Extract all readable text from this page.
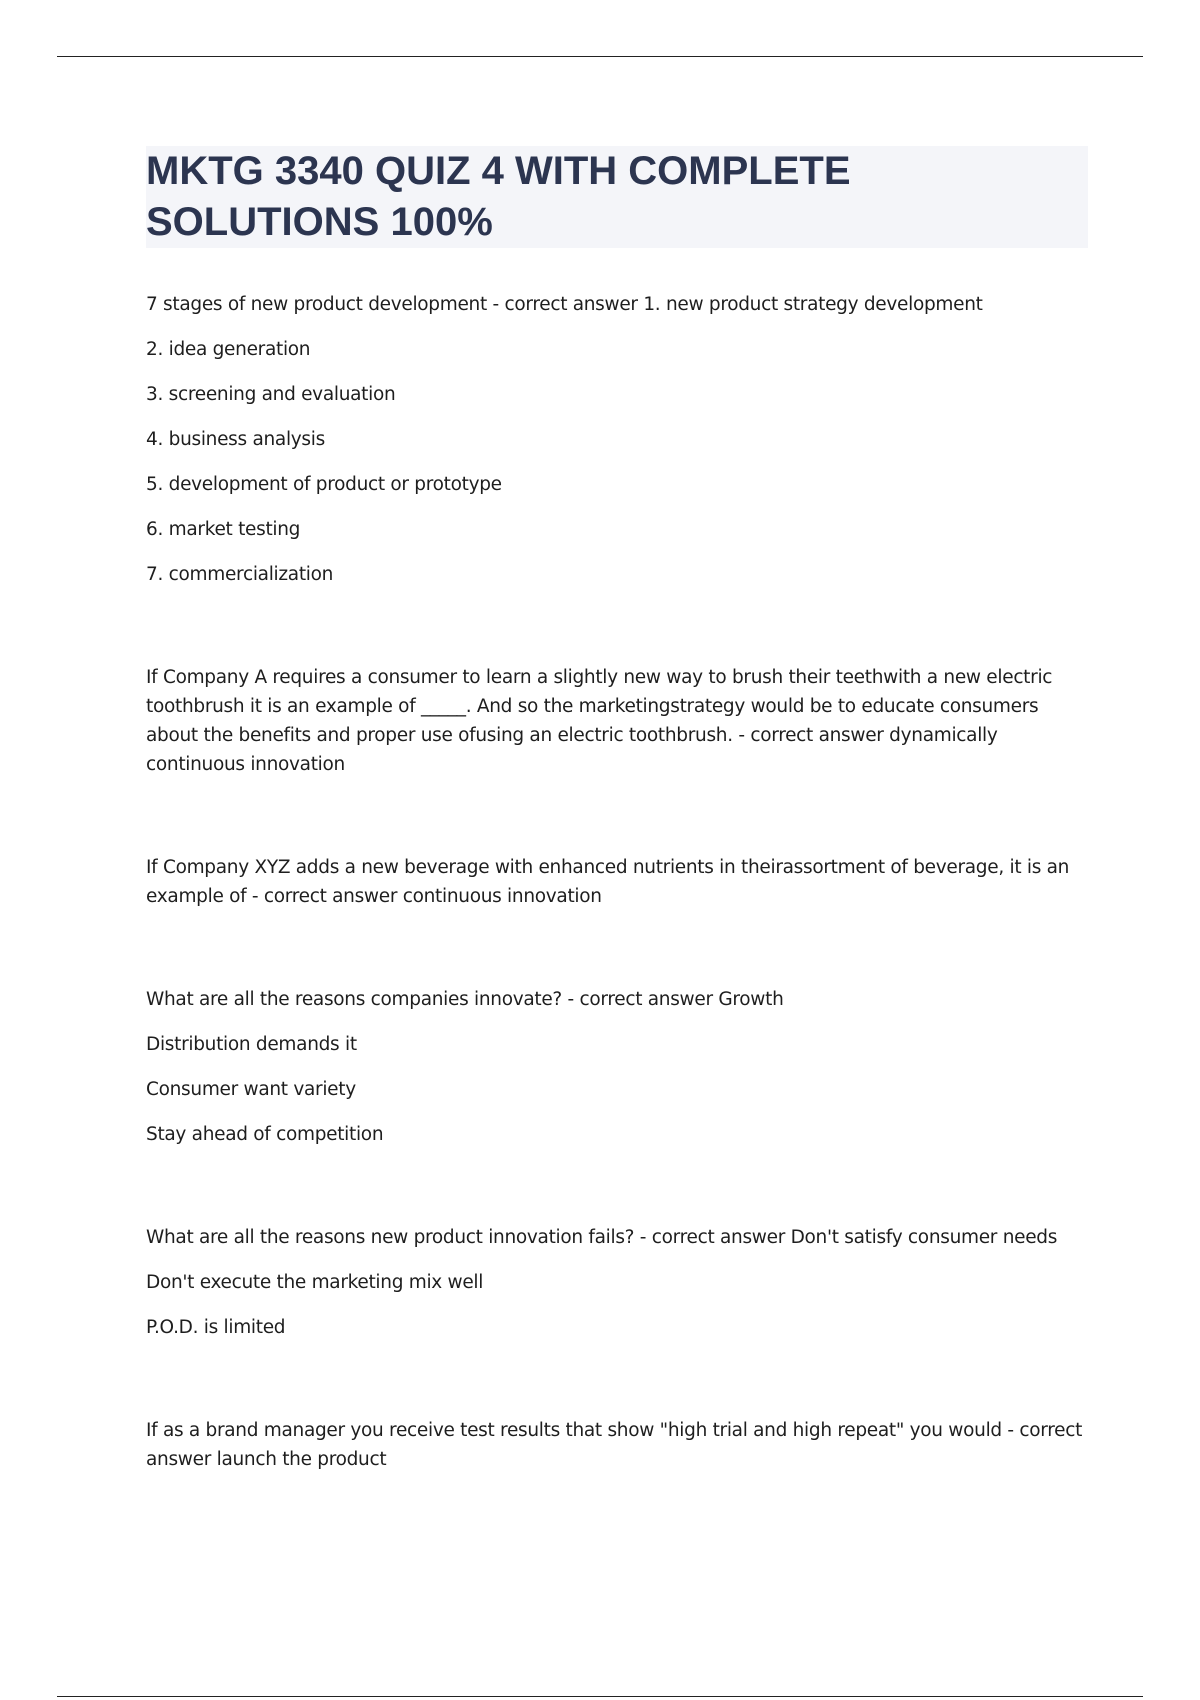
MKTG 3340 QUIZ 4 WITH COMPLETE SOLUTIONS 100%

7 stages of new product development - correct answer 1. new product strategy development

2. idea generation

3. screening and evaluation

4. business analysis

5. development of product or prototype

6. market testing

7. commercialization

If Company A requires a consumer to learn a slightly new way to brush their teethwith a new electric toothbrush it is an example of _____. And so the marketingstrategy would be to educate consumers about the benefits and proper use ofusing an electric toothbrush. - correct answer dynamically continuous innovation

If Company XYZ adds a new beverage with enhanced nutrients in theirassortment of beverage, it is an example of - correct answer continuous innovation

What are all the reasons companies innovate? - correct answer Growth

Distribution demands it

Consumer want variety

Stay ahead of competition

What are all the reasons new product innovation fails? - correct answer Don't satisfy consumer needs

Don't execute the marketing mix well

P.O.D. is limited

If as a brand manager you receive test results that show "high trial and high repeat" you would - correct answer launch the product
